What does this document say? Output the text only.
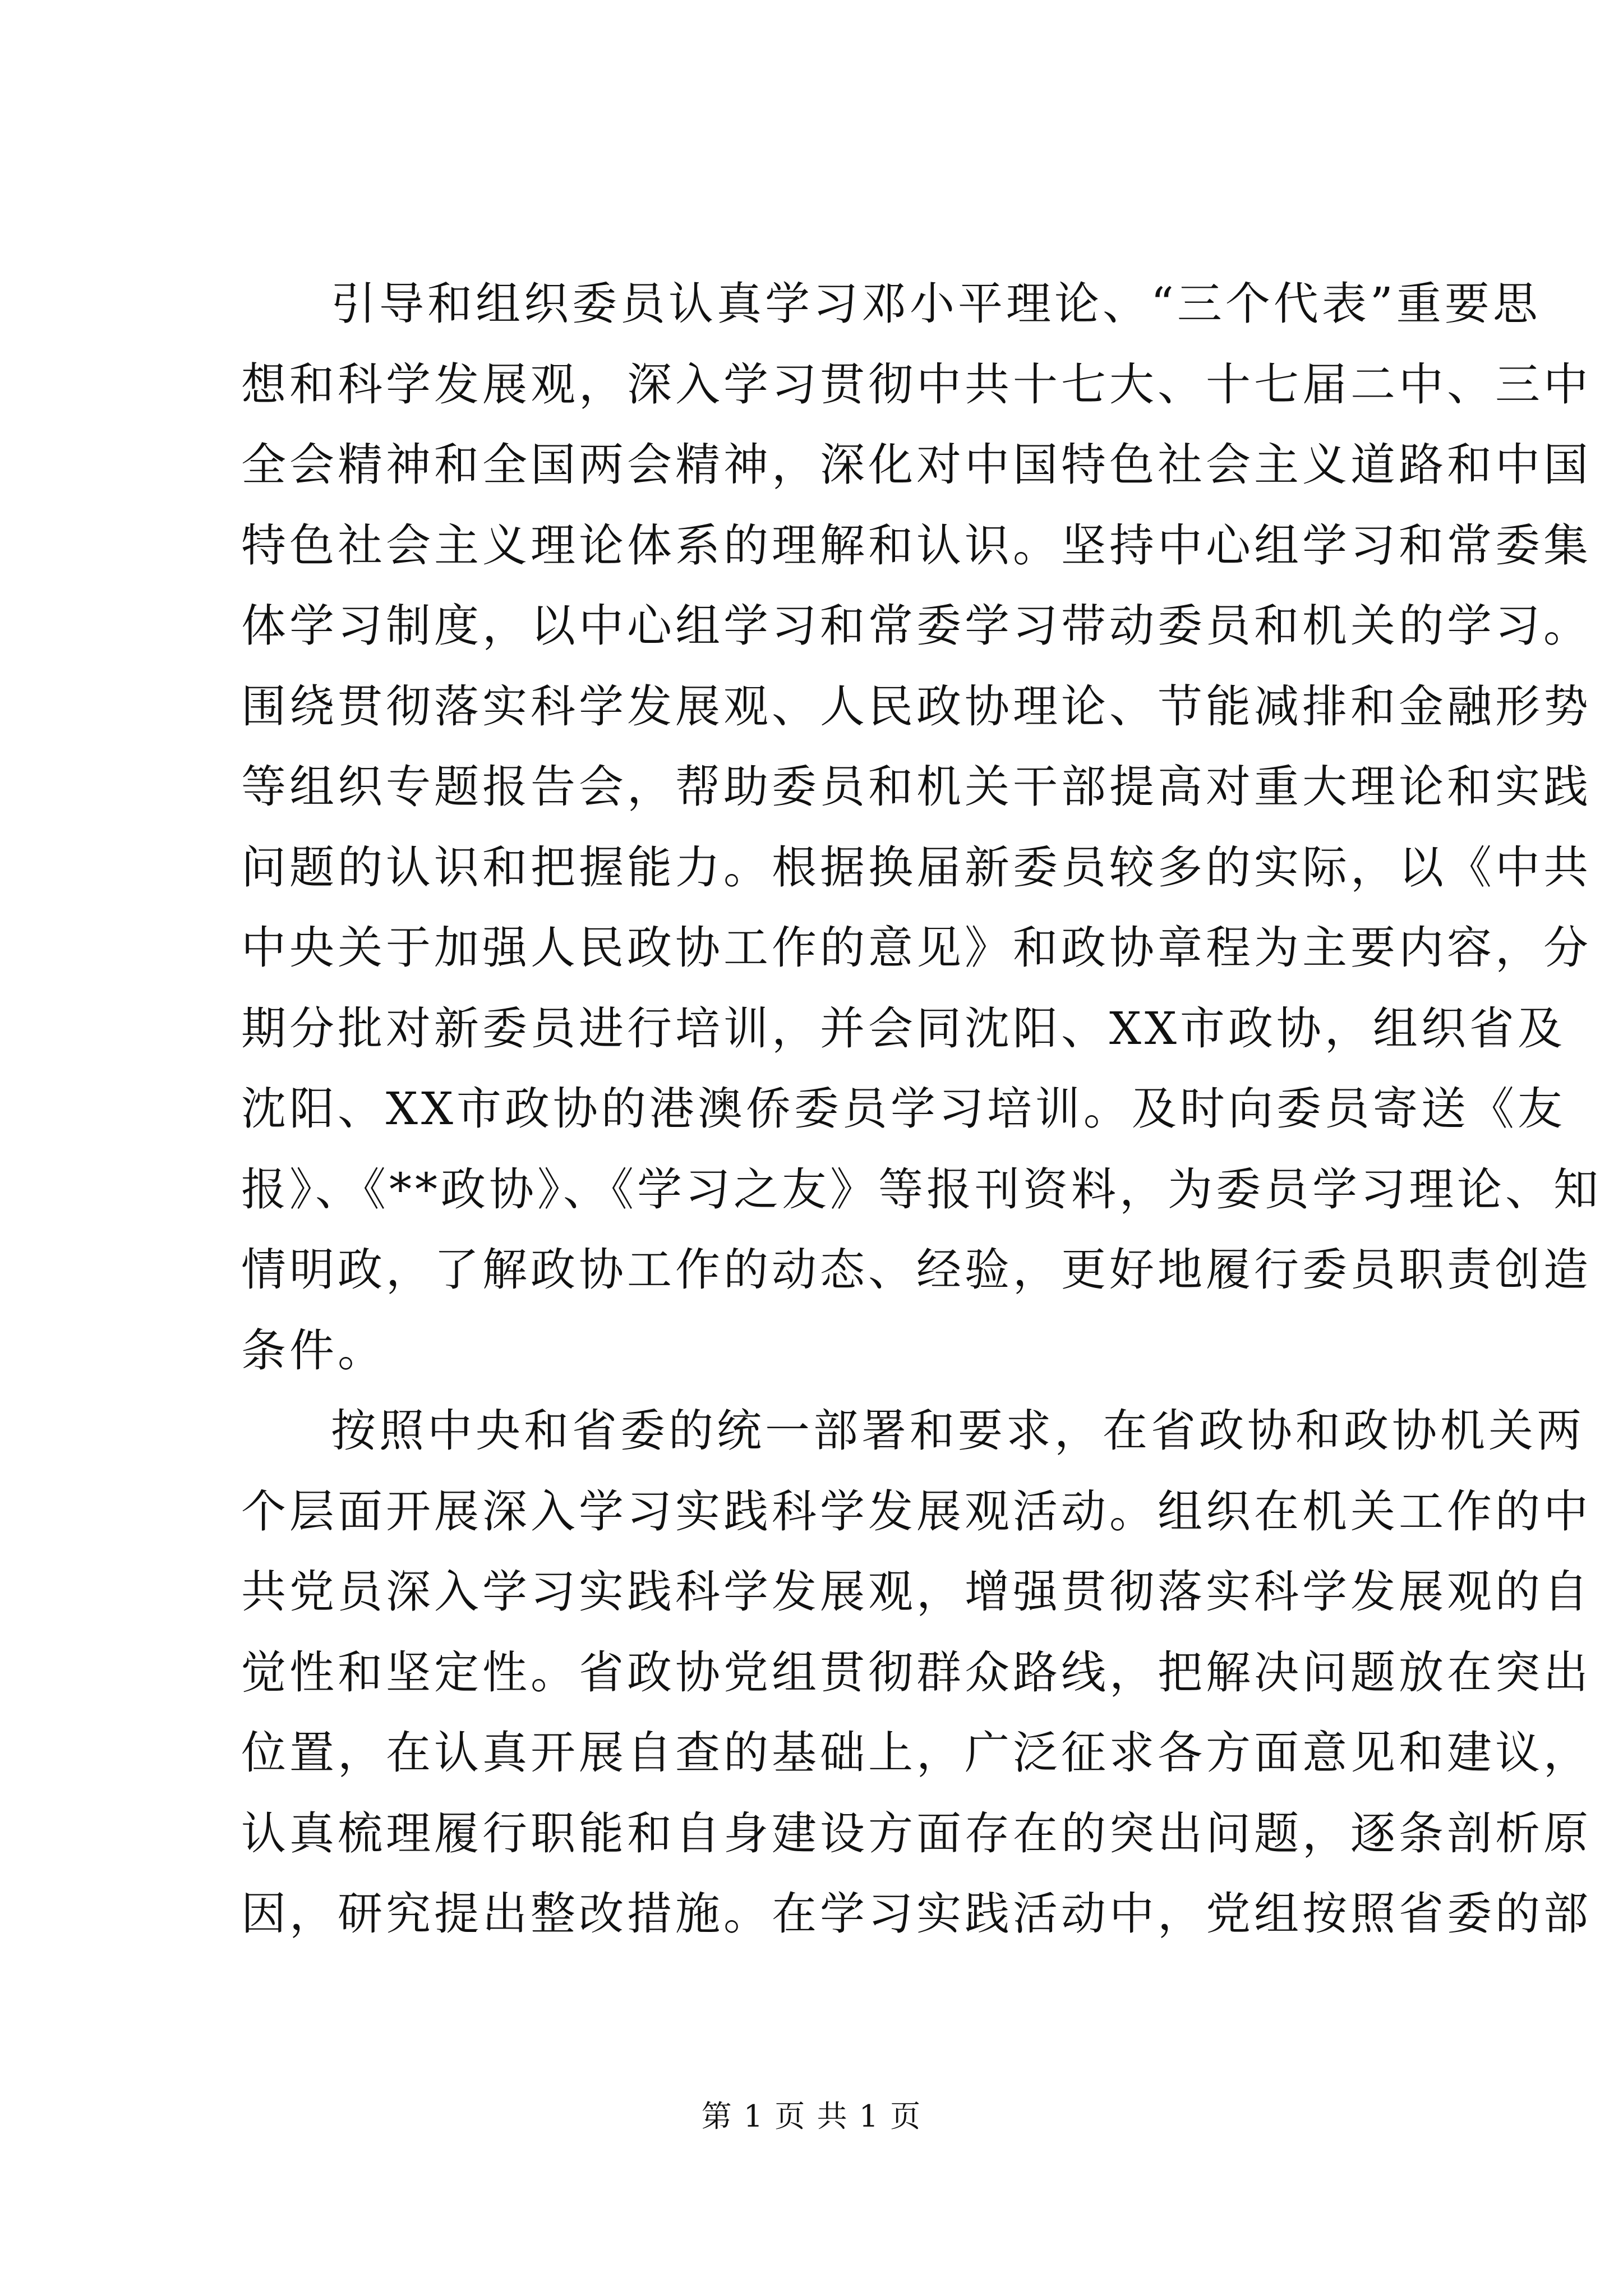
引导和组织委员认真学习邓小平理论、“三个代表”重要思
想和科学发展观，深入学习贯彻中共十七大、十七届二中、三中
全会精神和全国两会精神，深化对中国特色社会主义道路和中国
特色社会主义理论体系的理解和认识。坚持中心组学习和常委集
体学习制度，以中心组学习和常委学习带动委员和机关的学习。
围绕贯彻落实科学发展观、人民政协理论、节能减排和金融形势
等组织专题报告会，帮助委员和机关干部提高对重大理论和实践
问题的认识和把握能力。根据换届新委员较多的实际，以《中共
中央关于加强人民政协工作的意见》和政协章程为主要内容，分
期分批对新委员进行培训，并会同沈阳、XX市政协，组织省及
沈阳、XX市政协的港澳侨委员学习培训。及时向委员寄送《友
报》、《**政协》、《学习之友》等报刊资料，为委员学习理论、知
情明政，了解政协工作的动态、经验，更好地履行委员职责创造
条件。

按照中央和省委的统一部署和要求，在省政协和政协机关两
个层面开展深入学习实践科学发展观活动。组织在机关工作的中
共党员深入学习实践科学发展观，增强贯彻落实科学发展观的自
觉性和坚定性。省政协党组贯彻群众路线，把解决问题放在突出
位置，在认真开展自查的基础上，广泛征求各方面意见和建议，
认真梳理履行职能和自身建设方面存在的突出问题，逐条剖析原
因，研究提出整改措施。在学习实践活动中，党组按照省委的部

第 1 页 共 1 页
